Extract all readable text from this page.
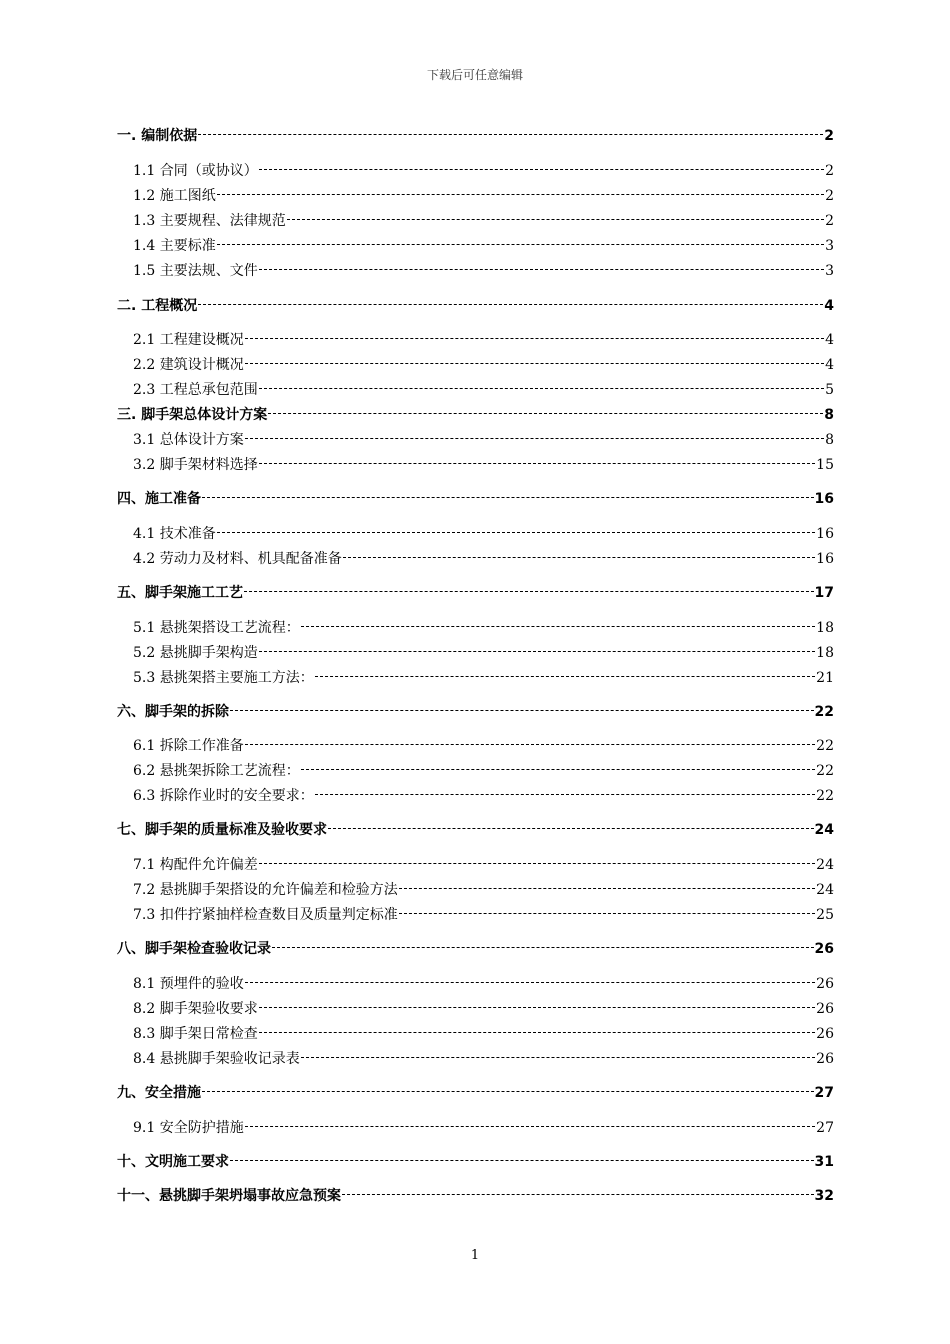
下载后可任意编辑
一. 编制依据	2
1.1 合同（或协议）	2
1.2 施工图纸	2
1.3 主要规程、法律规范	2
1.4 主要标准	3
1.5 主要法规、文件	3
二. 工程概况	4
2.1 工程建设概况	4
2.2 建筑设计概况	4
2.3 工程总承包范围	5
三. 脚手架总体设计方案	8
3.1 总体设计方案	8
3.2 脚手架材料选择	15
四、施工准备	16
4.1 技术准备	16
4.2 劳动力及材料、机具配备准备	16
五、脚手架施工工艺	17
5.1 悬挑架搭设工艺流程：	18
5.2 悬挑脚手架构造	18
5.3 悬挑架搭主要施工方法：	21
六、脚手架的拆除	22
6.1 拆除工作准备	22
6.2 悬挑架拆除工艺流程：	22
6.3 拆除作业时的安全要求：	22
七、脚手架的质量标准及验收要求	24
7.1 构配件允许偏差	24
7.2 悬挑脚手架搭设的允许偏差和检验方法	24
7.3 扣件拧紧抽样检查数目及质量判定标准	25
八、脚手架检查验收记录	26
8.1 预埋件的验收	26
8.2 脚手架验收要求	26
8.3 脚手架日常检查	26
8.4 悬挑脚手架验收记录表	26
九、安全措施	27
9.1 安全防护措施	27
十、文明施工要求	31
十一、悬挑脚手架坍塌事故应急预案	32
1
